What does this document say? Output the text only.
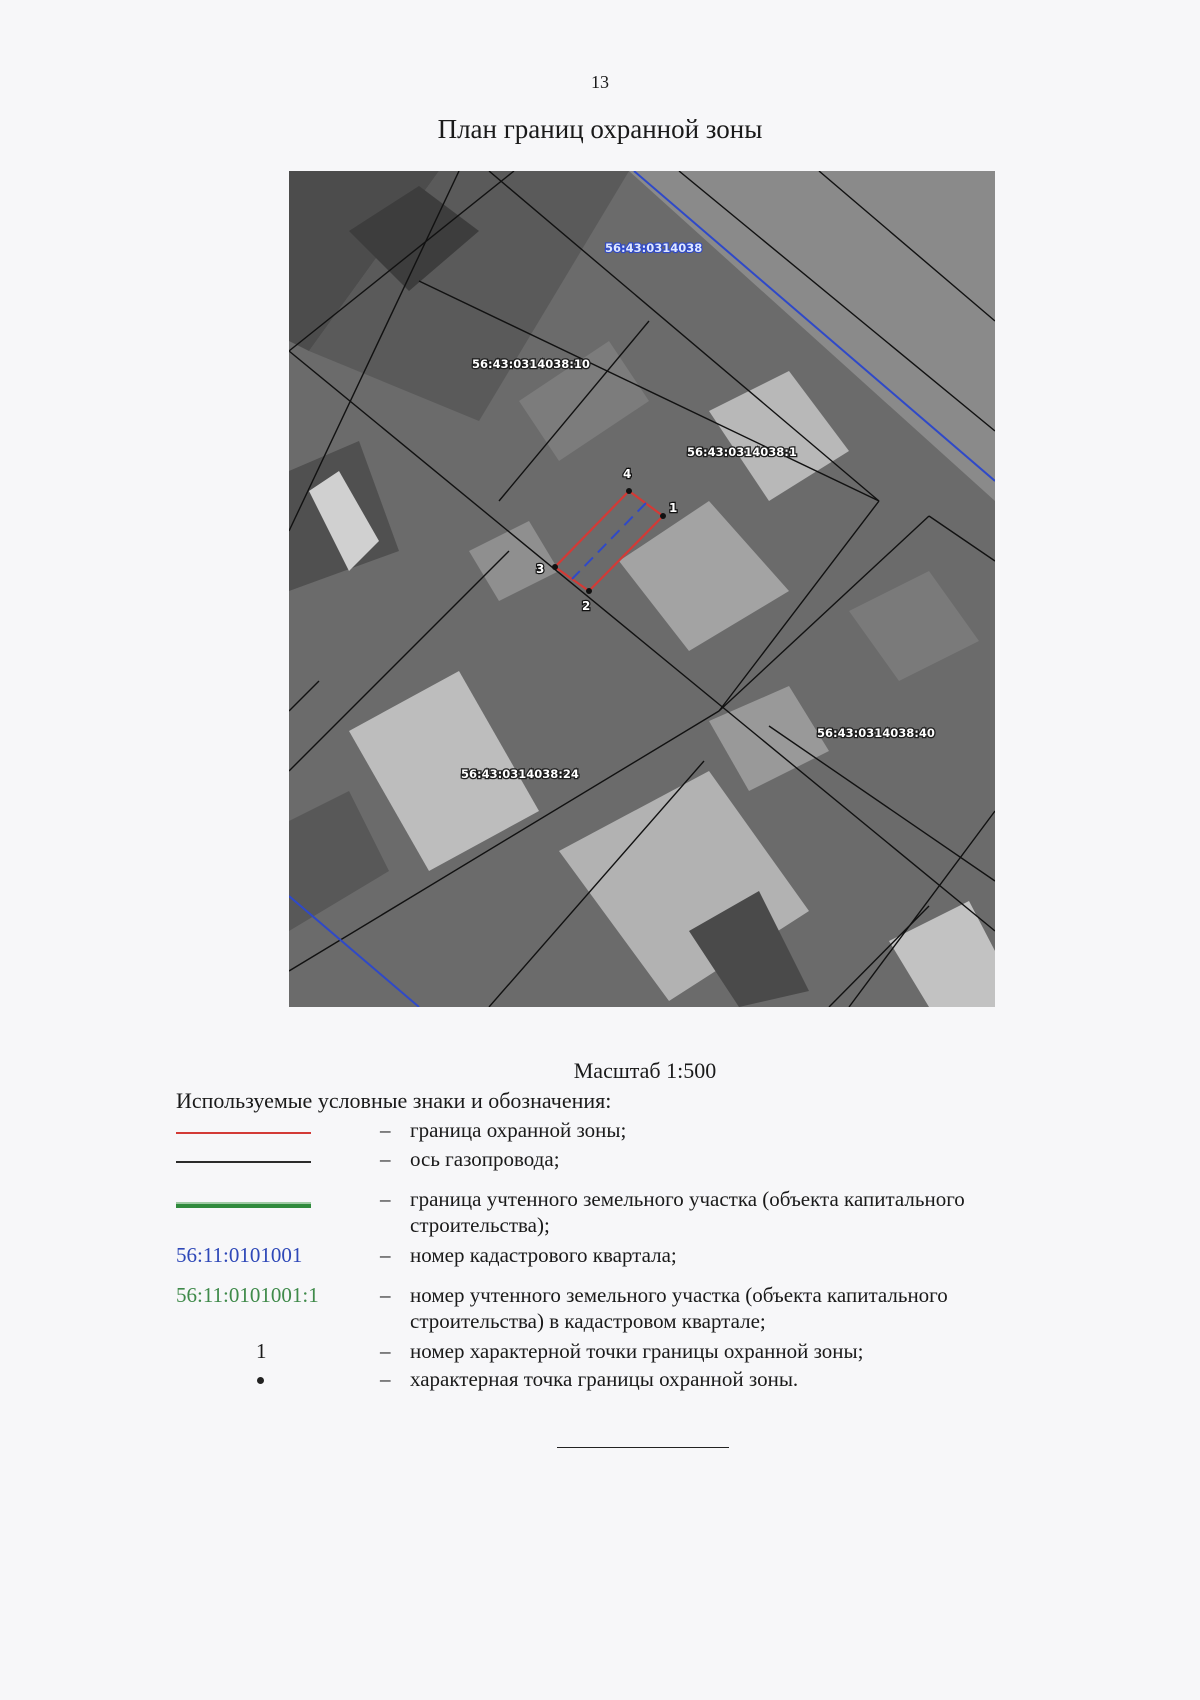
13
План границ охранной зоны
1
2
3
4
56:43:0314038
56:43:0314038:10
56:43:0314038:1
56:43:0314038:40
56:43:0314038:24
Масштаб 1:500
Используемые условные знаки и обозначения:
– граница охранной зоны;
– ось газопровода;
– граница учтенного земельного участка (объекта капитального строительства);
56:11:0101001	– номер кадастрового квартала;
56:11:0101001:1	– номер учтенного земельного участка (объекта капитального строительства) в кадастровом квартале;
1	– номер характерной точки границы охранной зоны;
– характерная точка границы охранной зоны.
